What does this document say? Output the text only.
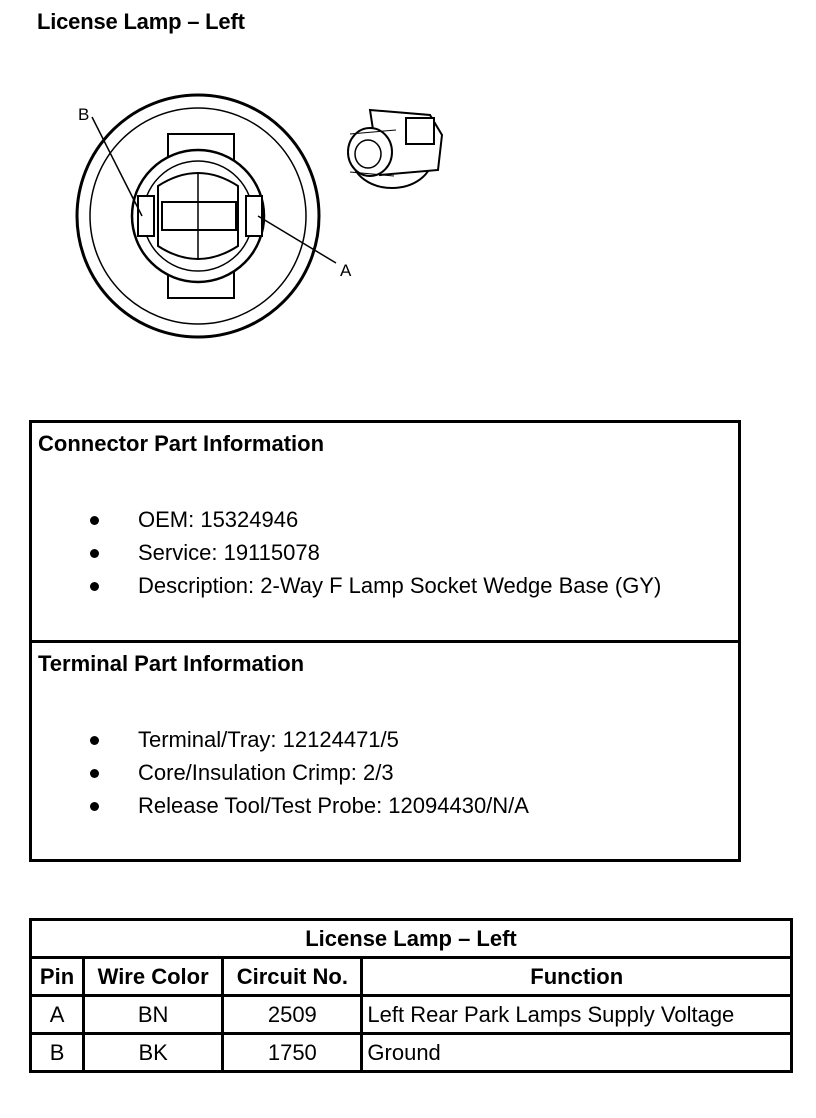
License Lamp – Left
B
A
Connector Part Information
OEM: 15324946
Service: 19115078
Description: 2-Way F Lamp Socket Wedge Base (GY)
Terminal Part Information
Terminal/Tray: 12124471/5
Core/Insulation Crimp: 2/3
Release Tool/Test Probe: 12094430/N/A
License Lamp – Left			
Pin	Wire Color	Circuit No.	Function
A	BN	2509	Left Rear Park Lamps Supply Voltage
B	BK	1750	Ground
